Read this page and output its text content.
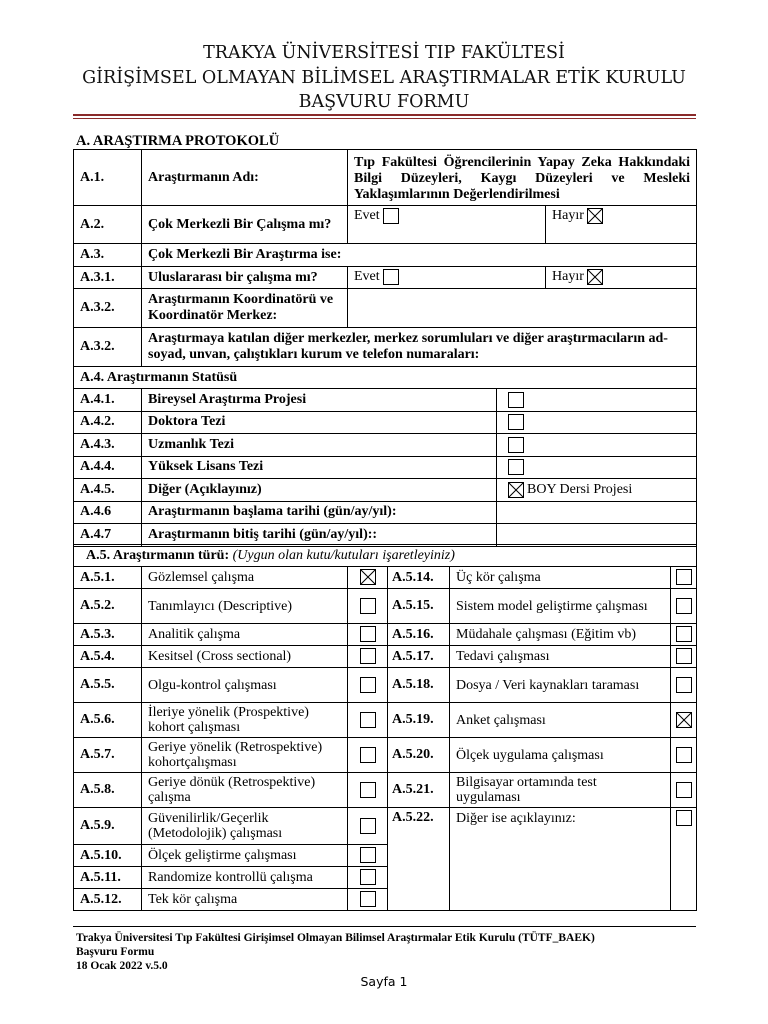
TRAKYA ÜNİVERSİTESİ TIP FAKÜLTESİ
GİRİŞİMSEL OLMAYAN BİLİMSEL ARAŞTIRMALAR ETİK KURULU
BAŞVURU FORMU
A. ARAŞTIRMA PROTOKOLÜ
A.1.	Araştırmanın Adı:	Tıp Fakültesi Öğrencilerinin Yapay Zeka Hakkındaki Bilgi Düzeyleri, Kaygı Düzeyleri ve Mesleki Yaklaşımlarının Değerlendirilmesi		
A.2.	Çok Merkezli Bir Çalışma mı?	Evet		Hayır

A.3.	Çok Merkezli Bir Araştırma ise:			
A.3.1.	Uluslararası bir çalışma mı?	Evet		Hayır

A.3.2.	Araştırmanın Koordinatörü ve Koordinatör Merkez:			
A.3.2.	Araştırmaya katılan diğer merkezler, merkez sorumluları ve diğer araştırmacıların ad-soyad, unvan, çalıştıkları kurum ve telefon numaraları:			
A.4. Araştırmanın Statüsü				
A.4.1.	Bireysel Araştırma Projesi			
A.4.2.	Doktora Tezi			
A.4.3.	Uzmanlık Tezi			
A.4.4.	Yüksek Lisans Tezi			
A.4.5.	Diğer (Açıklayınız)		BOY Dersi Projesi	
A.4.6	Araştırmanın başlama tarihi (gün/ay/yıl):			
A.4.7	Araştırmanın bitiş tarihi (gün/ay/yıl)::			
A.5. Araştırmanın türü: (Uygun olan kutu/kutuları işaretleyiniz)					
A.5.1.	Gözlemsel çalışma		A.5.14.	Üç kör çalışma	
A.5.2.	Tanımlayıcı (Descriptive)		A.5.15.	Sistem model geliştirme çalışması	
A.5.3.	Analitik çalışma		A.5.16.	Müdahale çalışması (Eğitim vb)	
A.5.4.	Kesitsel (Cross sectional)		A.5.17.	Tedavi çalışması	
A.5.5.	Olgu-kontrol çalışması		A.5.18.	Dosya / Veri kaynakları taraması	
A.5.6.	İleriye yönelik (Prospektive) kohort çalışması		A.5.19.	Anket çalışması	

A.5.7.	Geriye yönelik (Retrospektive) kohortçalışması		A.5.20.	Ölçek uygulama çalışması	
A.5.8.	Geriye dönük (Retrospektive) çalışma		A.5.21.	Bilgisayar ortamında test uygulaması	
A.5.9.	Güvenilirlik/Geçerlik (Metodolojik) çalışması		A.5.22.	Diğer ise açıklayınız:	
A.5.10.	Ölçek geliştirme çalışması				
A.5.11.	Randomize kontrollü çalışma				
A.5.12.	Tek kör çalışma				
Trakya Üniversitesi Tıp Fakültesi Girişimsel Olmayan Bilimsel Araştırmalar Etik Kurulu (TÜTF_BAEK)
Başvuru Formu
18 Ocak 2022 v.5.0
Sayfa 1
